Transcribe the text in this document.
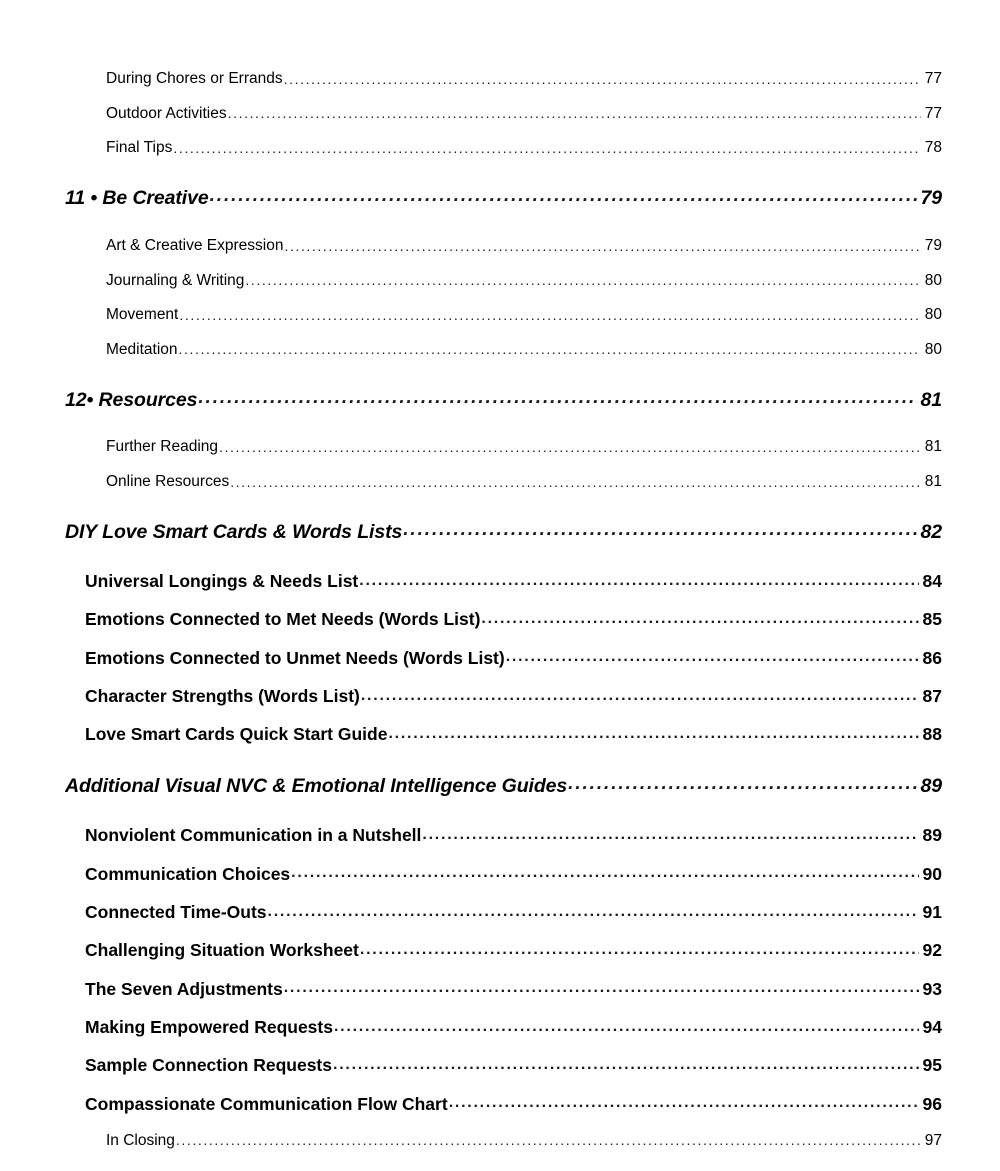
During Chores or Errands .....	77
Outdoor Activities .....	77
Final Tips .....	78
11 • Be Creative .....	79
Art & Creative Expression .....	79
Journaling & Writing .....	80
Movement .....	80
Meditation .....	80
12• Resources .....	81
Further Reading .....	81
Online Resources .....	81
DIY Love Smart Cards & Words Lists .....	82
Universal Longings & Needs List .....	84
Emotions Connected to Met Needs (Words List) .....	85
Emotions Connected to Unmet Needs (Words List) .....	86
Character Strengths (Words List) .....	87
Love Smart Cards Quick Start Guide .....	88
Additional Visual NVC & Emotional Intelligence Guides .....	89
Nonviolent Communication in a Nutshell .....	89
Communication Choices .....	90
Connected Time-Outs .....	91
Challenging Situation Worksheet .....	92
The Seven Adjustments .....	93
Making Empowered Requests .....	94
Sample Connection Requests .....	95
Compassionate Communication Flow Chart .....	96
In Closing .....	97
